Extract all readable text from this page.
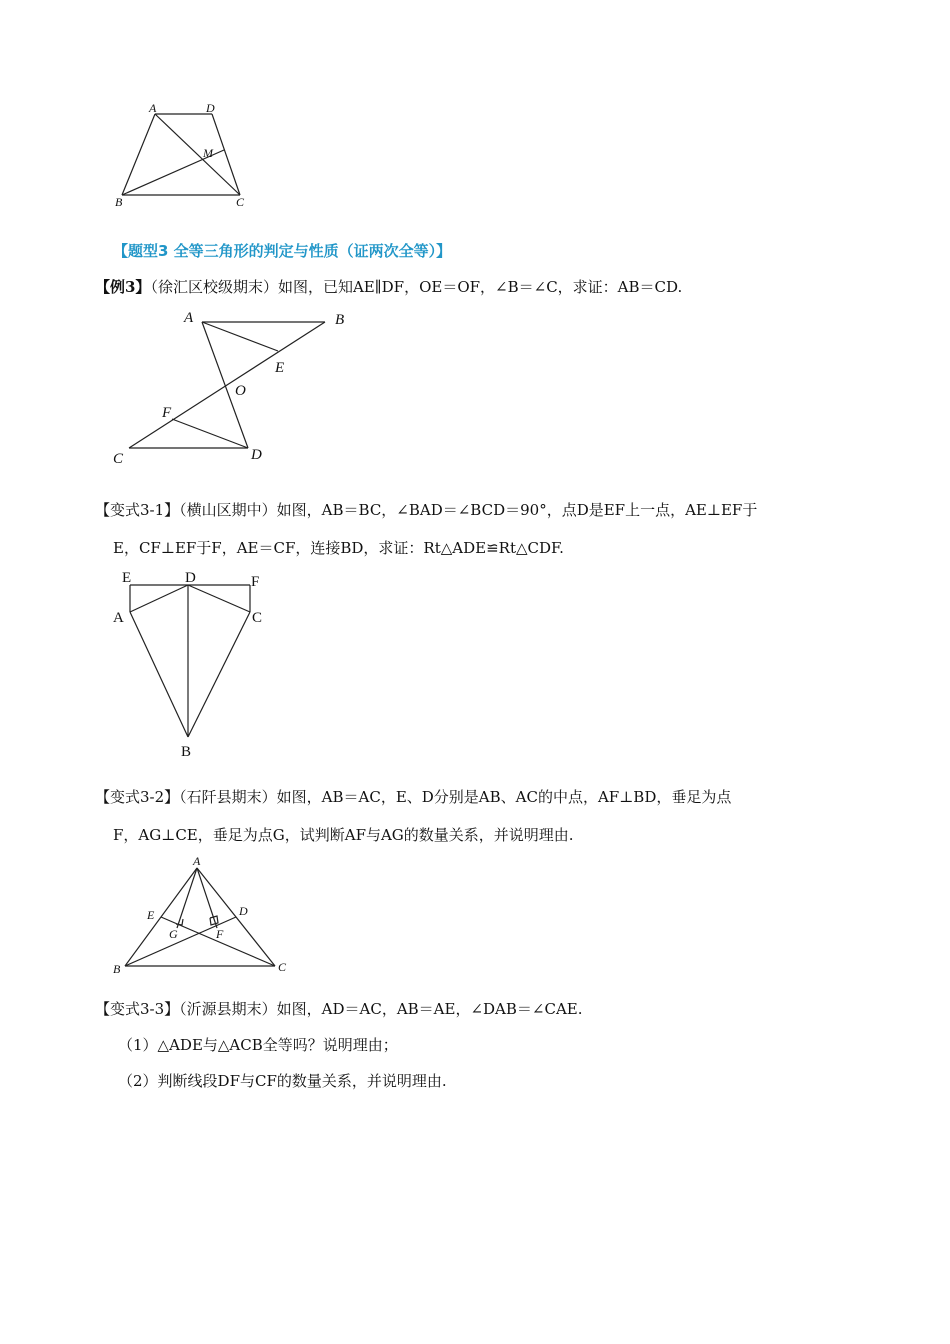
A	D
M
B	C
【题型3 全等三角形的判定与性质（证两次全等）】
【例3】（徐汇区校级期末）如图，已知AE∥DF，OE＝OF，∠B＝∠C，求证：AB＝CD.
A	B
E
O
F
C	D
【变式3-1】（横山区期中）如图，AB＝BC，∠BAD＝∠BCD＝90°，点D是EF上一点，AE⊥EF于
E，CF⊥EF于F，AE＝CF，连接BD，求证：Rt△ADE≌Rt△CDF.
E	D	F
A	C
B
【变式3-2】（石阡县期末）如图，AB＝AC，E、D分别是AB、AC的中点，AF⊥BD，垂足为点
F，AG⊥CE，垂足为点G，试判断AF与AG的数量关系，并说明理由.
A
E	D
G	F
B	C
【变式3-3】（沂源县期末）如图，AD＝AC，AB＝AE，∠DAB＝∠CAE.
（1）△ADE与△ACB全等吗？说明理由；
（2）判断线段DF与CF的数量关系，并说明理由.
